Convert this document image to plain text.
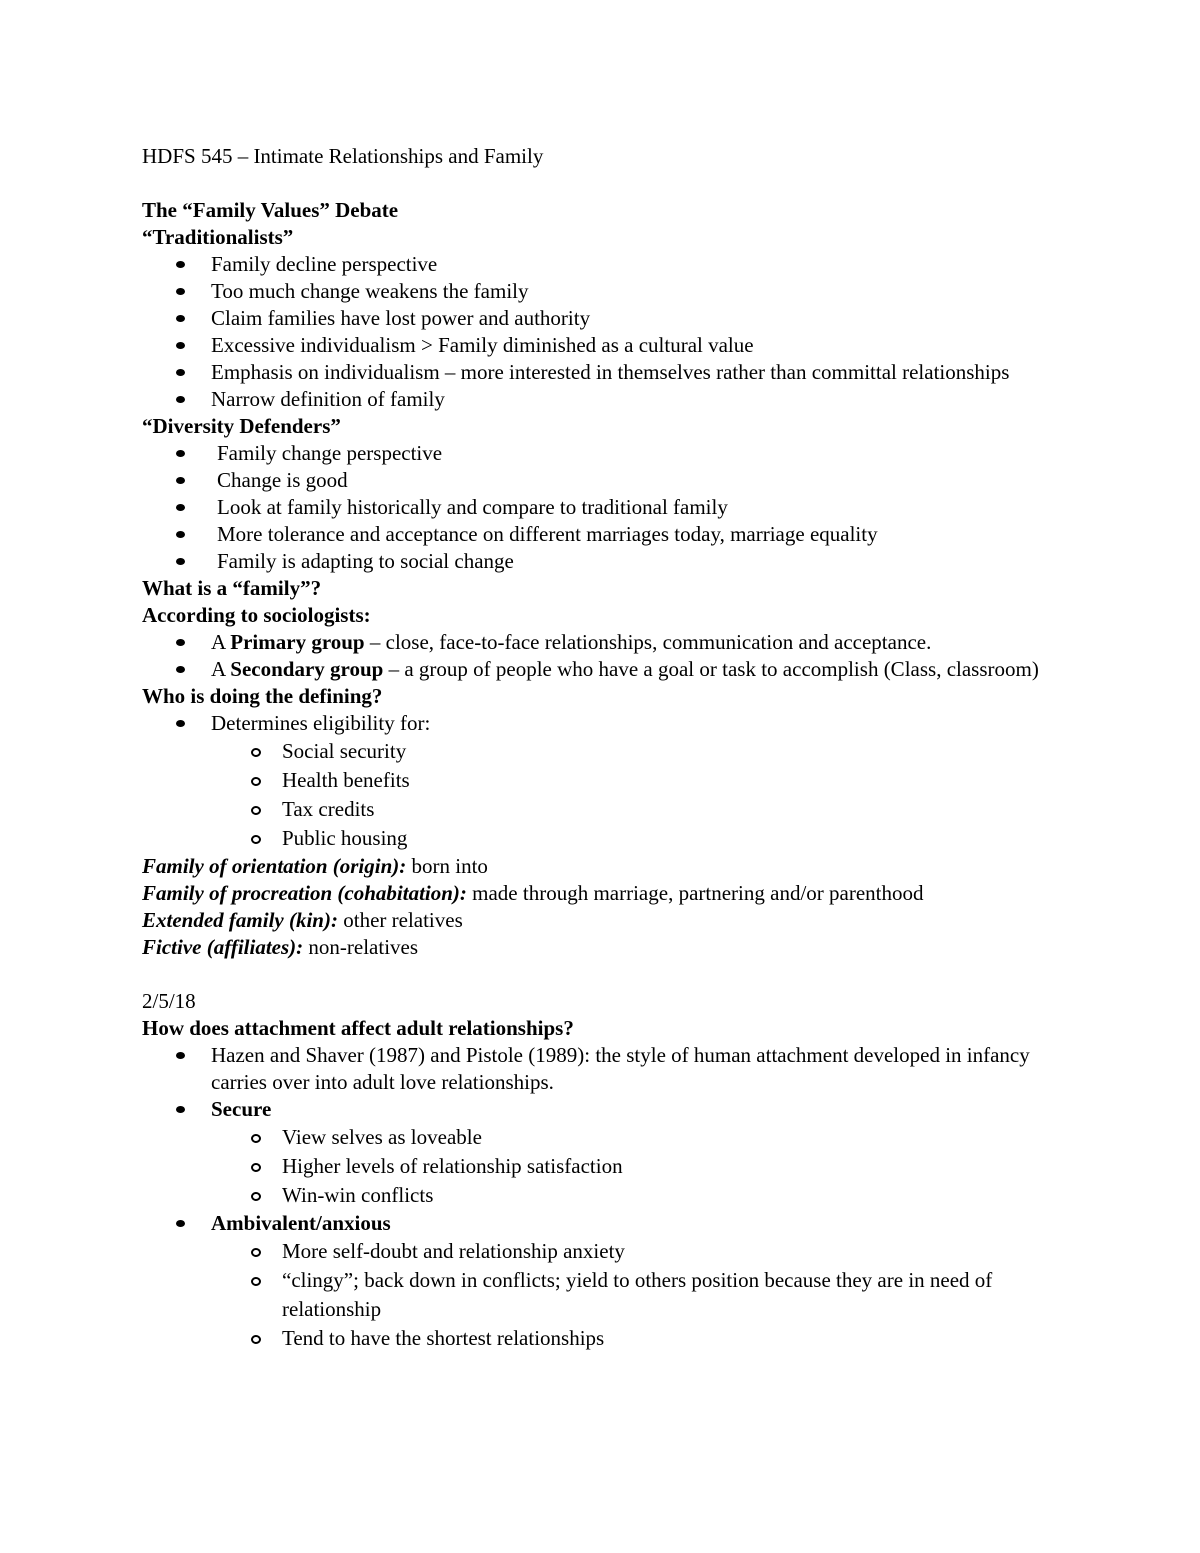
HDFS 545 – Intimate Relationships and Family

The “Family Values” Debate

“Traditionalists”

Family decline perspective
Too much change weakens the family
Claim families have lost power and authority
Excessive individualism > Family diminished as a cultural value
Emphasis on individualism – more interested in themselves rather than committal relationships
Narrow definition of family

“Diversity Defenders”

Family change perspective
Change is good
Look at family historically and compare to traditional family
More tolerance and acceptance on different marriages today, marriage equality
Family is adapting to social change

What is a “family”?

According to sociologists:

A Primary group – close, face-to-face relationships, communication and acceptance.
A Secondary group – a group of people who have a goal or task to accomplish (Class, classroom)

Who is doing the defining?

Determines eligibility for:
Social security
Health benefits
Tax credits
Public housing

Family of orientation (origin): born into

Family of procreation (cohabitation): made through marriage, partnering and/or parenthood

Extended family (kin): other relatives

Fictive (affiliates): non-relatives

2/5/18

How does attachment affect adult relationships?

Hazen and Shaver (1987) and Pistole (1989): the style of human attachment developed in infancy carries over into adult love relationships.
Secure
View selves as loveable
Higher levels of relationship satisfaction
Win-win conflicts
Ambivalent/anxious
More self-doubt and relationship anxiety
“clingy”; back down in conflicts; yield to others position because they are in need of relationship
Tend to have the shortest relationships
